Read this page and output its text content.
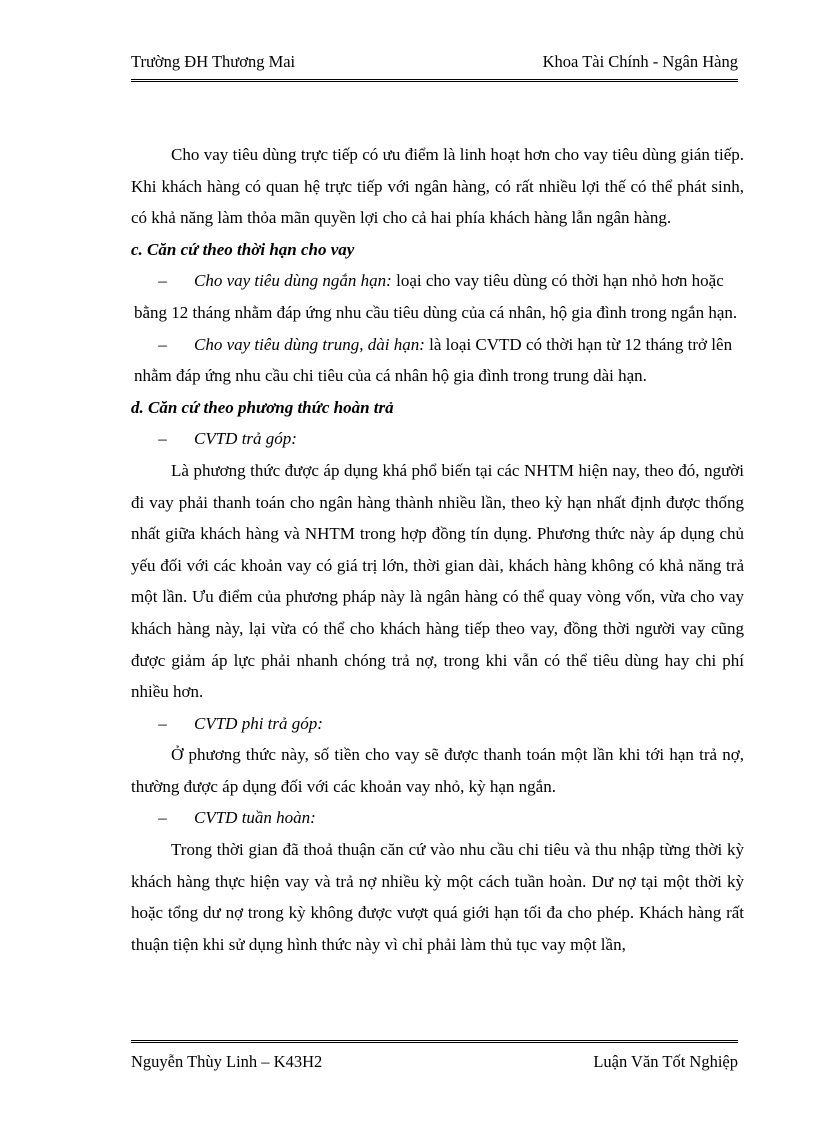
Trường ĐH Thương Mai	Khoa Tài Chính - Ngân Hàng

Cho vay tiêu dùng trực tiếp có ưu điểm là linh hoạt hơn cho vay tiêu dùng gián tiếp. Khi khách hàng có quan hệ trực tiếp với ngân hàng, có rất nhiều lợi thế có thể phát sinh, có khả năng làm thỏa mãn quyền lợi cho cả hai phía khách hàng lẫn ngân hàng.

c. Căn cứ theo thời hạn cho vay

–	Cho vay tiêu dùng ngắn hạn: loại cho vay tiêu dùng có thời hạn nhỏ hơn hoặc

bằng 12 tháng nhằm đáp ứng nhu cầu tiêu dùng của cá nhân, hộ gia đình trong ngắn hạn.

–	Cho vay tiêu dùng trung, dài hạn: là loại CVTD có thời hạn từ 12 tháng trở lên

nhằm đáp ứng nhu cầu chi tiêu của cá nhân hộ gia đình trong trung dài hạn.

d. Căn cứ theo phương thức hoàn trả

–	CVTD trả góp:

Là phương thức được áp dụng khá phổ biến tại các NHTM hiện nay, theo đó, người đi vay phải thanh toán cho ngân hàng thành nhiều lần, theo kỳ hạn nhất định được thống nhất giữa khách hàng và NHTM trong hợp đồng tín dụng. Phương thức này áp dụng chủ yếu đối với các khoản vay có giá trị lớn, thời gian dài, khách hàng không có khả năng trả một lần. Ưu điểm của phương pháp này là ngân hàng có thể quay vòng vốn, vừa cho vay khách hàng này, lại vừa có thể cho khách hàng tiếp theo vay, đồng thời người vay cũng được giảm áp lực phải nhanh chóng trả nợ, trong khi vẫn có thể tiêu dùng hay chi phí nhiều hơn.

–	CVTD phi trả góp:

Ở phương thức này, số tiền cho vay sẽ được thanh toán một lần khi tới hạn trả nợ, thường được áp dụng đối với các khoản vay nhỏ, kỳ hạn ngắn.

–	CVTD tuần hoàn:

Trong thời gian đã thoả thuận căn cứ vào nhu cầu chi tiêu và thu nhập từng thời kỳ khách hàng thực hiện vay và trả nợ nhiều kỳ một cách tuần hoàn. Dư nợ tại một thời kỳ hoặc tổng dư nợ trong kỳ không được vượt quá giới hạn tối đa cho phép. Khách hàng rất thuận tiện khi sử dụng hình thức này vì chỉ phải làm thủ tục vay một lần,

Nguyễn Thùy Linh – K43H2	Luận Văn Tốt Nghiệp
